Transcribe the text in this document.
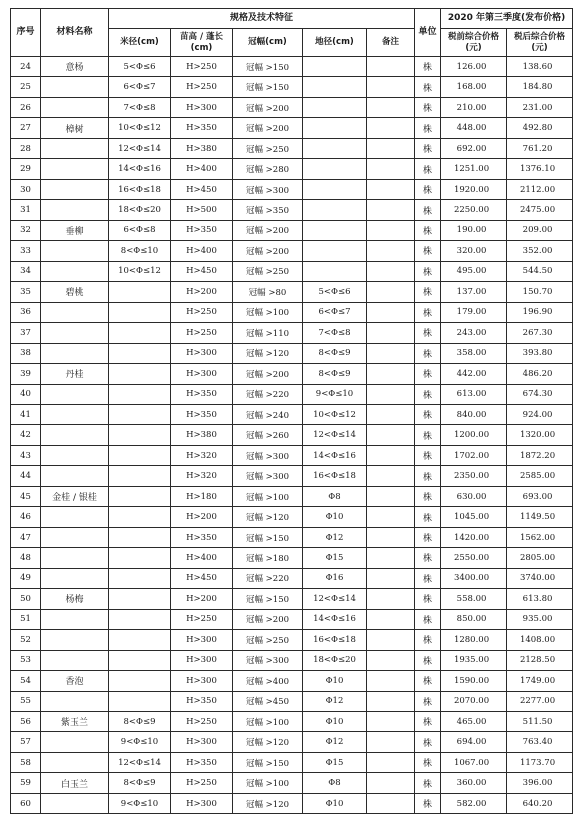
序号	材料名称	规格及技术特征					单位	2020 年第三季度(发布价格)	
		米径(cm)	苗高 / 蓬长(cm)	冠幅(cm)	地径(cm)	备注		税前综合价格(元)	税后综合价格(元)
24	意杨	5<Φ≤6	H>250	冠幅 >150			株	126.00	138.60
25		6<Φ≤7	H>250	冠幅 >150			株	168.00	184.80
26		7<Φ≤8	H>300	冠幅 >200			株	210.00	231.00
27	樟树	10<Φ≤12	H>350	冠幅 >200			株	448.00	492.80
28		12<Φ≤14	H>380	冠幅 >250			株	692.00	761.20
29		14<Φ≤16	H>400	冠幅 >280			株	1251.00	1376.10
30		16<Φ≤18	H>450	冠幅 >300			株	1920.00	2112.00
31		18<Φ≤20	H>500	冠幅 >350			株	2250.00	2475.00
32	垂柳	6<Φ≤8	H>350	冠幅 >200			株	190.00	209.00
33		8<Φ≤10	H>400	冠幅 >200			株	320.00	352.00
34		10<Φ≤12	H>450	冠幅 >250			株	495.00	544.50
35	碧桃		H>200	冠幅 >80	5<Φ≤6		株	137.00	150.70
36			H>250	冠幅 >100	6<Φ≤7		株	179.00	196.90
37			H>250	冠幅 >110	7<Φ≤8		株	243.00	267.30
38			H>300	冠幅 >120	8<Φ≤9		株	358.00	393.80
39	丹桂		H>300	冠幅 >200	8<Φ≤9		株	442.00	486.20
40			H>350	冠幅 >220	9<Φ≤10		株	613.00	674.30
41			H>350	冠幅 >240	10<Φ≤12		株	840.00	924.00
42			H>380	冠幅 >260	12<Φ≤14		株	1200.00	1320.00
43			H>320	冠幅 >300	14<Φ≤16		株	1702.00	1872.20
44			H>320	冠幅 >300	16<Φ≤18		株	2350.00	2585.00
45	金桂 / 银桂		H>180	冠幅 >100	Φ8		株	630.00	693.00
46			H>200	冠幅 >120	Φ10		株	1045.00	1149.50
47			H>350	冠幅 >150	Φ12		株	1420.00	1562.00
48			H>400	冠幅 >180	Φ15		株	2550.00	2805.00
49			H>450	冠幅 >220	Φ16		株	3400.00	3740.00
50	杨梅		H>200	冠幅 >150	12<Φ≤14		株	558.00	613.80
51			H>250	冠幅 >200	14<Φ≤16		株	850.00	935.00
52			H>300	冠幅 >250	16<Φ≤18		株	1280.00	1408.00
53			H>300	冠幅 >300	18<Φ≤20		株	1935.00	2128.50
54	香泡		H>300	冠幅 >400	Φ10		株	1590.00	1749.00
55			H>350	冠幅 >450	Φ12		株	2070.00	2277.00
56	紫玉兰	8<Φ≤9	H>250	冠幅 >100	Φ10		株	465.00	511.50
57		9<Φ≤10	H>300	冠幅 >120	Φ12		株	694.00	763.40
58		12<Φ≤14	H>350	冠幅 >150	Φ15		株	1067.00	1173.70
59	白玉兰	8<Φ≤9	H>250	冠幅 >100	Φ8		株	360.00	396.00
60		9<Φ≤10	H>300	冠幅 >120	Φ10		株	582.00	640.20
